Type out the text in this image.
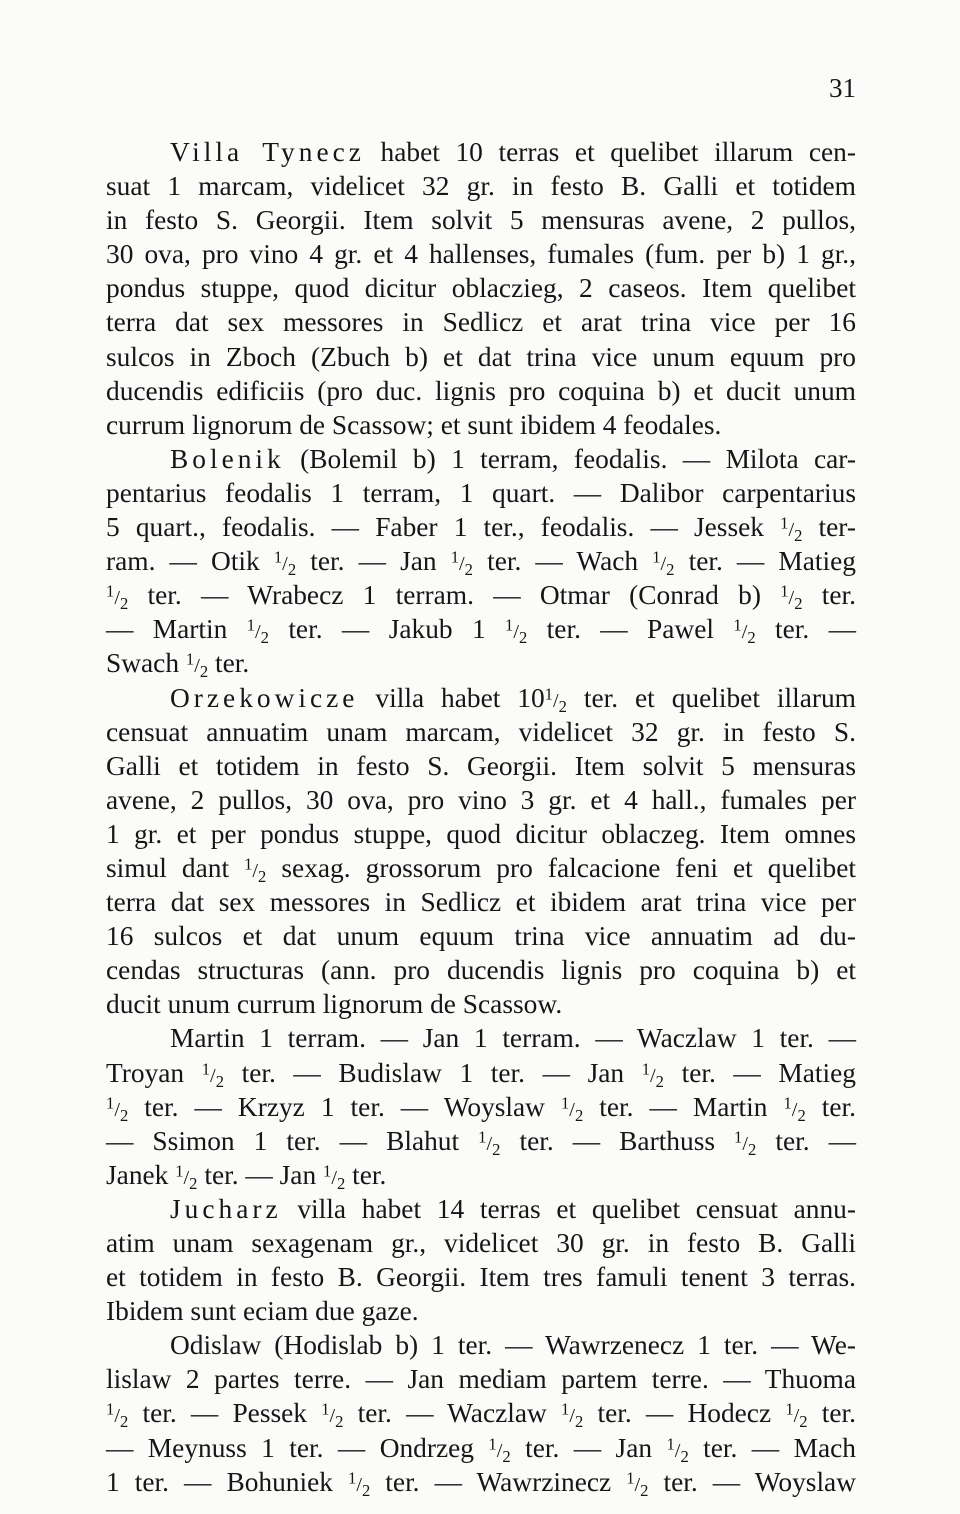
31
Villa Tynecz habet 10 terras et quelibet illarum cen-
suat 1 marcam, videlicet 32 gr. in festo B. Galli et totidem
in festo S. Georgii. Item solvit 5 mensuras avene, 2 pullos,
30 ova, pro vino 4 gr. et 4 hallenses, fumales (fum. per b) 1 gr.,
pondus stuppe, quod dicitur oblaczieg, 2 caseos. Item quelibet
terra dat sex messores in Sedlicz et arat trina vice per 16
sulcos in Zboch (Zbuch b) et dat trina vice unum equum pro
ducendis edificiis (pro duc. lignis pro coquina b) et ducit unum
currum lignorum de Scassow; et sunt ibidem 4 feodales.
Bolenik (Bolemil b) 1 terram, feodalis. — Milota car-
pentarius feodalis 1 terram, 1 quart. — Dalibor carpentarius
5 quart., feodalis. — Faber 1 ter., feodalis. — Jessek $^1/_2$ ter-
ram. — Otik $^1/_2$ ter. — Jan $^1/_2$ ter. — Wach $^1/_2$ ter. — Matieg
$^1/_2$ ter. — Wrabecz 1 terram. — Otmar (Conrad b) $^1/_2$ ter.
— Martin $^1/_2$ ter. — Jakub 1 $^1/_2$ ter. — Pawel $^1/_2$ ter. —
Swach $^1/_2$ ter.
Orzekowicze villa habet $10^1/_2$ ter. et quelibet illarum
censuat annuatim unam marcam, videlicet 32 gr. in festo S.
Galli et totidem in festo S. Georgii. Item solvit 5 mensuras
avene, 2 pullos, 30 ova, pro vino 3 gr. et 4 hall., fumales per
1 gr. et per pondus stuppe, quod dicitur oblaczeg. Item omnes
simul dant $^1/_2$ sexag. grossorum pro falcacione feni et quelibet
terra dat sex messores in Sedlicz et ibidem arat trina vice per
16 sulcos et dat unum equum trina vice annuatim ad du-
cendas structuras (ann. pro ducendis lignis pro coquina b) et
ducit unum currum lignorum de Scassow.
Martin 1 terram. — Jan 1 terram. — Waczlaw 1 ter. —
Troyan $^1/_2$ ter. — Budislaw 1 ter. — Jan $^1/_2$ ter. — Matieg
$^1/_2$ ter. — Krzyz 1 ter. — Woyslaw $^1/_2$ ter. — Martin $^1/_2$ ter.
— Ssimon 1 ter. — Blahut $^1/_2$ ter. — Barthuss $^1/_2$ ter. —
Janek $^1/_2$ ter. — Jan $^1/_2$ ter.
Jucharz villa habet 14 terras et quelibet censuat annu-
atim unam sexagenam gr., videlicet 30 gr. in festo B. Galli
et totidem in festo B. Georgii. Item tres famuli tenent 3 terras.
Ibidem sunt eciam due gaze.
Odislaw (Hodislab b) 1 ter. — Wawrzenecz 1 ter. — We-
lislaw 2 partes terre. — Jan mediam partem terre. — Thuoma
$^1/_2$ ter. — Pessek $^1/_2$ ter. — Waczlaw $^1/_2$ ter. — Hodecz $^1/_2$ ter.
— Meynuss 1 ter. — Ondrzeg $^1/_2$ ter. — Jan $^1/_2$ ter. — Mach
1 ter. — Bohuniek $^1/_2$ ter. — Wawrzinecz $^1/_2$ ter. — Woyslaw
